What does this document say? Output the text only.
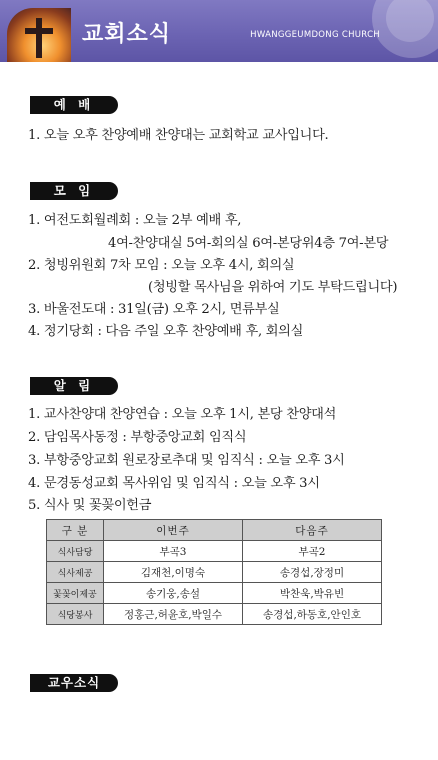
교회소식	HWANGGEUMDONG CHURCH
예 배
1. 오늘 오후 찬양예배 찬양대는 교회학교 교사입니다.
모 임
1. 여전도회월례회 : 오늘 2부 예배 후,
4여-찬양대실 5여-회의실 6여-본당위4층 7여-본당
2. 청빙위원회 7차 모임 : 오늘 오후 4시, 회의실
(청빙할 목사님을 위하여 기도 부탁드립니다)
3. 바울전도대 : 31일(금) 오후 2시, 면류부실
4. 정기당회 : 다음 주일 오후 찬양예배 후, 회의실
알 림
1. 교사찬양대 찬양연습 : 오늘 오후 1시, 본당 찬양대석
2. 담임목사동정 : 부항중앙교회 임직식
3. 부항중앙교회 원로장로추대 및 임직식 : 오늘 오후 3시
4. 문경동성교회 목사위임 및 임직식 : 오늘 오후 3시
5. 식사 및 꽃꽂이헌금
구 분	이번주	다음주
식사담당	부곡3	부곡2
식사제공	김재천,이명숙	송경섭,장정미
꽃꽂이제공	송기웅,송설	박찬욱,박유빈
식당봉사	정홍근,허윤호,박일수	송경섭,하동호,안인호
교우소식
